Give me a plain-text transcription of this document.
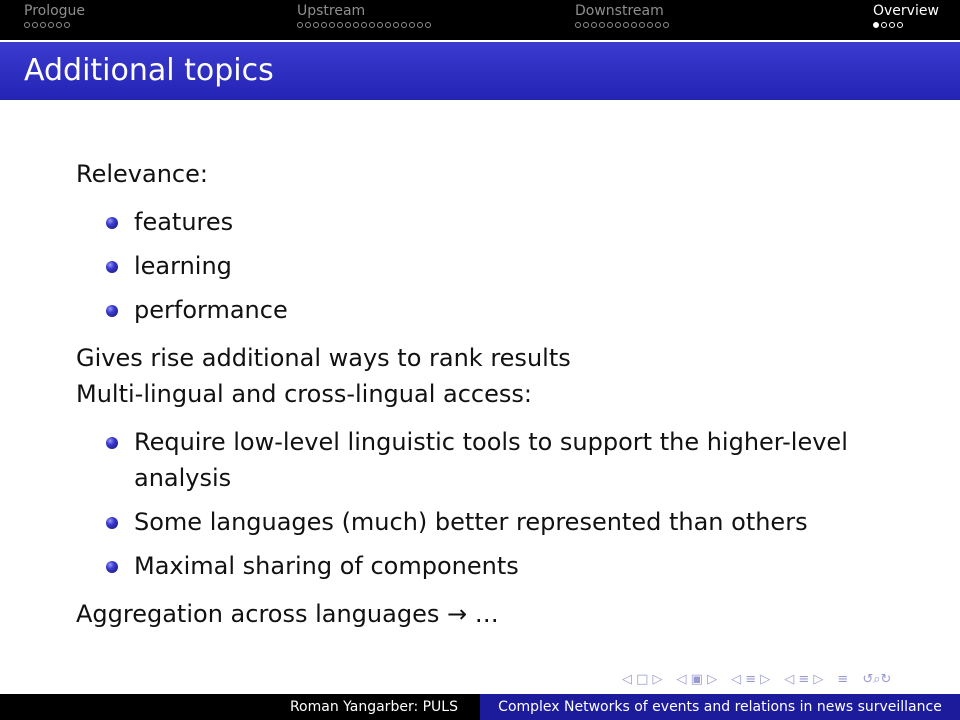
Prologue	Upstream	Downstream	Overview
Additional topics

Relevance:

features
learning
performance

Gives rise additional ways to rank results

Multi-lingual and cross-lingual access:

Require low-level linguistic tools to support the higher-level analysis
Some languages (much) better represented than others
Maximal sharing of components

Aggregation across languages → …

◁ □ ▷ ◁ ▣ ▷ ◁ ≡ ▷ ◁ ≡ ▷ ≡ ↺⌕↻
Roman Yangarber: PULS	Complex Networks of events and relations in news surveillance
